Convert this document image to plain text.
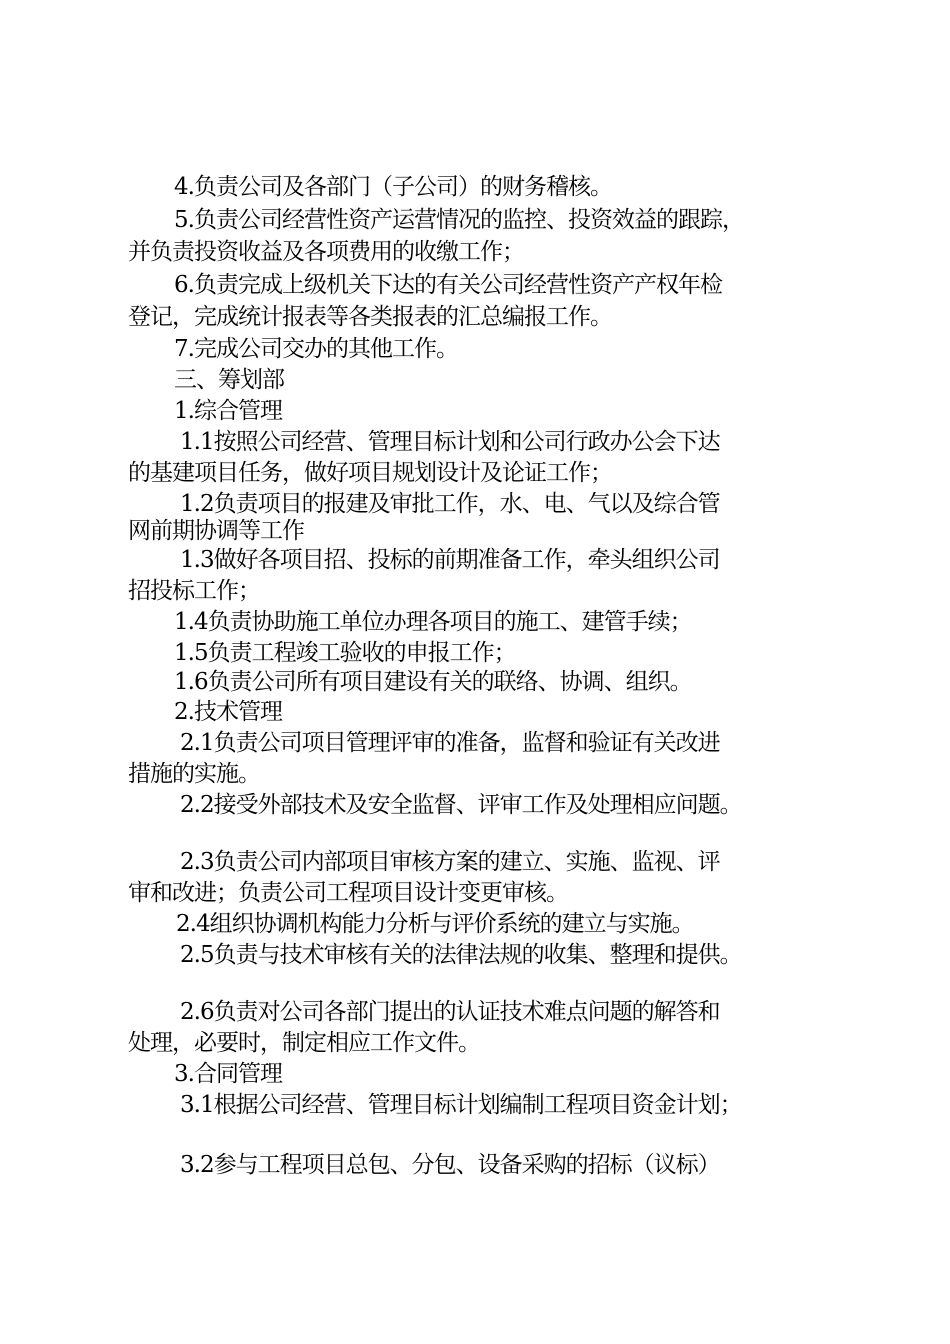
4.负责公司及各部门（子公司）的财务稽核。
5.负责公司经营性资产运营情况的监控、投资效益的跟踪，
并负责投资收益及各项费用的收缴工作；
6.负责完成上级机关下达的有关公司经营性资产产权年检
登记，完成统计报表等各类报表的汇总编报工作。
7.完成公司交办的其他工作。
三、筹划部
1.综合管理
1.1按照公司经营、管理目标计划和公司行政办公会下达
的基建项目任务，做好项目规划设计及论证工作；
1.2负责项目的报建及审批工作，水、电、气以及综合管
网前期协调等工作
1.3做好各项目招、投标的前期准备工作，牵头组织公司
招投标工作；
1.4负责协助施工单位办理各项目的施工、建管手续；
1.5负责工程竣工验收的申报工作；
1.6负责公司所有项目建设有关的联络、协调、组织。
2.技术管理
2.1负责公司项目管理评审的准备，监督和验证有关改进
措施的实施。
2.2接受外部技术及安全监督、评审工作及处理相应问题。
2.3负责公司内部项目审核方案的建立、实施、监视、评
审和改进；负责公司工程项目设计变更审核。
2.4组织协调机构能力分析与评价系统的建立与实施。
2.5负责与技术审核有关的法律法规的收集、整理和提供。
2.6负责对公司各部门提出的认证技术难点问题的解答和
处理，必要时，制定相应工作文件。
3.合同管理
3.1根据公司经营、管理目标计划编制工程项目资金计划；
3.2参与工程项目总包、分包、设备采购的招标（议标）
